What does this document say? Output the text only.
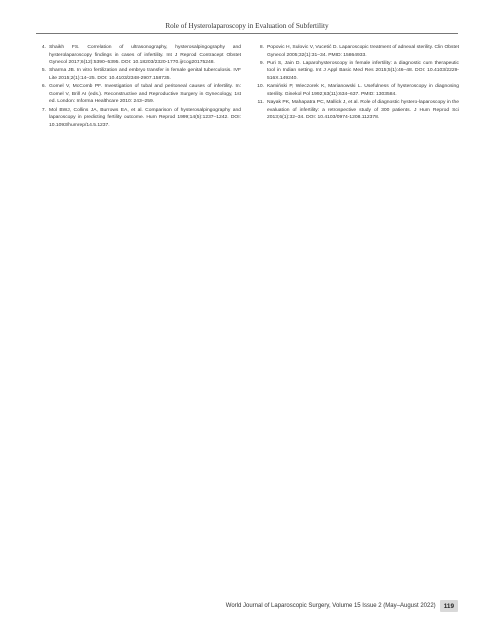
Role of Hysterolaparoscopy in Evaluation of Subfertility
4. Shaikh FS. Correlation of ultrasonography, hysterosalpingography and hysterolaparoscopy findings in cases of infertility. Int J Reprod Contracept Obstet Gynecol 2017;6(12):5390–5395. DOI: 10.18203/2320-1770.ijrcog20175248.
5. Sharma JB. In vitro fertilization and embryo transfer in female genital tuberculosis. IVF Lite 2015;2(1):14–25. DOI: 10.4103/2348-2907.158735.
6. Gomel V, McComb PF. Investigation of tubal and peritoneal causes of infertility. In: Gomel V, Brill AI (eds.). Reconstructive and Reproductive Surgery in Gynecology, 1st ed. London: Informa Healthcare 2010: 243–259.
7. Mol BWJ, Collins JA, Burrows EA, et al. Comparison of hysterosalpingography and laparoscopy in predicting fertility outcome. Hum Reprod 1999;14(5):1237–1242. DOI: 10.1093/humrep/14.5.1237.
8. Popovic H, Sulovic V, Vucetić D. Laparoscopic treatment of adnexal sterility. Clin Obstet Gynecol 2005;32(1):31–34. PMID: 15864933.
9. Puri S, Jain D. Laparohysteroscopy in female infertility: a diagnostic cum therapeutic tool in Indian setting. Int J Appl Basic Med Res 2015;5(1):46–48. DOI: 10.4103/2229-516X.149240.
10. Kamiński P, Wieczorek K, Marianowski L. Usefulness of hysteroscopy in diagnosing sterility. Ginekol Pol 1992;63(11):634–637. PMID: 1303584.
11. Nayak PK, Mahapatra PC, Mallick J, et al. Role of diagnostic hystero-laparoscopy in the evaluation of infertility: a retrospective study of 300 patients. J Hum Reprod Sci 2013;6(1):32–34. DOI: 10.4103/0974-1208.112378.
World Journal of Laparoscopic Surgery, Volume 15 Issue 2 (May–August 2022)	119
